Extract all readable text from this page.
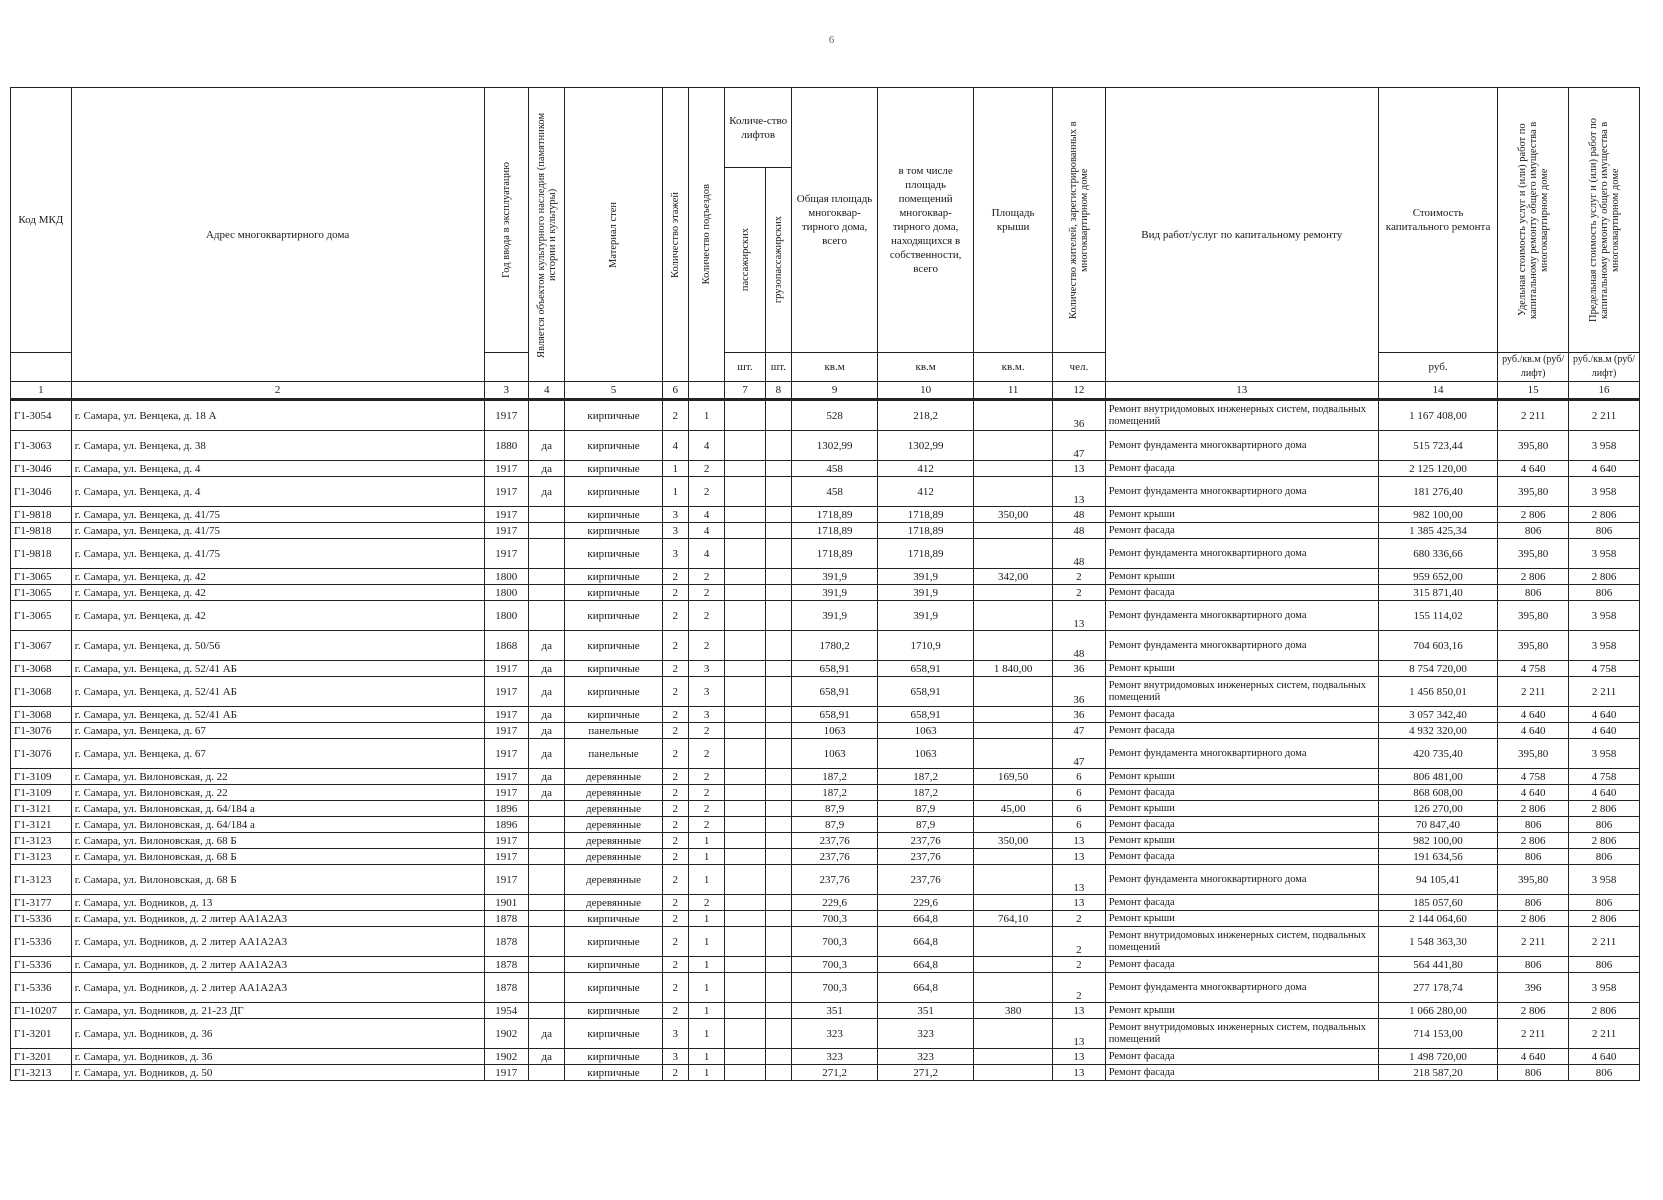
6
Код МКД	Адрес многоквартирного дома	Год ввода в эксплуатацию	Является объектом культурного наследия (памятником истории и культуры)	Материал стен	Количество этажей	Количество подъездов	Количе-ство лифтов		Общая площадь многоквар-тирного дома, всего	в том числе площадь помещений многоквар-тирного дома, находящихся в собственности, всего	Площадь крыши	Количество жителей, зарегистрированных в многоквартирном доме	Вид работ/услуг по капитальному ремонту	Стоимость капитального ремонта	Удельная стоимость услуг и (или) работ по капитальному ремонту общего имущества в многоквартирном доме	Предельная стоимость услуг и (или) работ по капитальному ремонту общего имущества в многоквартирном доме

							пассажирских	грузопассажирских								

							шт.	шт.	кв.м	кв.м	кв.м.	чел.		руб.	руб./кв.м (руб/лифт)	руб./кв.м (руб/лифт)
1	2	3	4	5	6		7	8	9	10	11	12	13	14	15	16
Г1-3054	г. Самара, ул. Венцека, д. 18 А	1917		кирпичные	2	1			528	218,2		36	Ремонт внутридомовых инженерных систем, подвальных помещений	1 167 408,00	2 211	2 211
Г1-3063	г. Самара, ул. Венцека, д. 38	1880	да	кирпичные	4	4			1302,99	1302,99		47	Ремонт фундамента многоквартирного дома	515 723,44	395,80	3 958
Г1-3046	г. Самара, ул. Венцека, д. 4	1917	да	кирпичные	1	2			458	412		13	Ремонт фасада	2 125 120,00	4 640	4 640
Г1-3046	г. Самара, ул. Венцека, д. 4	1917	да	кирпичные	1	2			458	412		13	Ремонт фундамента многоквартирного дома	181 276,40	395,80	3 958
Г1-9818	г. Самара, ул. Венцека, д. 41/75	1917		кирпичные	3	4			1718,89	1718,89	350,00	48	Ремонт крыши	982 100,00	2 806	2 806
Г1-9818	г. Самара, ул. Венцека, д. 41/75	1917		кирпичные	3	4			1718,89	1718,89		48	Ремонт фасада	1 385 425,34	806	806
Г1-9818	г. Самара, ул. Венцека, д. 41/75	1917		кирпичные	3	4			1718,89	1718,89		48	Ремонт фундамента многоквартирного дома	680 336,66	395,80	3 958
Г1-3065	г. Самара, ул. Венцека, д. 42	1800		кирпичные	2	2			391,9	391,9	342,00	2	Ремонт крыши	959 652,00	2 806	2 806
Г1-3065	г. Самара, ул. Венцека, д. 42	1800		кирпичные	2	2			391,9	391,9		2	Ремонт фасада	315 871,40	806	806
Г1-3065	г. Самара, ул. Венцека, д. 42	1800		кирпичные	2	2			391,9	391,9		13	Ремонт фундамента многоквартирного дома	155 114,02	395,80	3 958
Г1-3067	г. Самара, ул. Венцека, д. 50/56	1868	да	кирпичные	2	2			1780,2	1710,9		48	Ремонт фундамента многоквартирного дома	704 603,16	395,80	3 958
Г1-3068	г. Самара, ул. Венцека, д. 52/41 АБ	1917	да	кирпичные	2	3			658,91	658,91	1 840,00	36	Ремонт крыши	8 754 720,00	4 758	4 758
Г1-3068	г. Самара, ул. Венцека, д. 52/41 АБ	1917	да	кирпичные	2	3			658,91	658,91		36	Ремонт внутридомовых инженерных систем, подвальных помещений	1 456 850,01	2 211	2 211
Г1-3068	г. Самара, ул. Венцека, д. 52/41 АБ	1917	да	кирпичные	2	3			658,91	658,91		36	Ремонт фасада	3 057 342,40	4 640	4 640
Г1-3076	г. Самара, ул. Венцека, д. 67	1917	да	панельные	2	2			1063	1063		47	Ремонт фасада	4 932 320,00	4 640	4 640
Г1-3076	г. Самара, ул. Венцека, д. 67	1917	да	панельные	2	2			1063	1063		47	Ремонт фундамента многоквартирного дома	420 735,40	395,80	3 958
Г1-3109	г. Самара, ул. Вилоновская, д. 22	1917	да	деревянные	2	2			187,2	187,2	169,50	6	Ремонт крыши	806 481,00	4 758	4 758
Г1-3109	г. Самара, ул. Вилоновская, д. 22	1917	да	деревянные	2	2			187,2	187,2		6	Ремонт фасада	868 608,00	4 640	4 640
Г1-3121	г. Самара, ул. Вилоновская, д. 64/184 а	1896		деревянные	2	2			87,9	87,9	45,00	6	Ремонт крыши	126 270,00	2 806	2 806
Г1-3121	г. Самара, ул. Вилоновская, д. 64/184 а	1896		деревянные	2	2			87,9	87,9		6	Ремонт фасада	70 847,40	806	806
Г1-3123	г. Самара, ул. Вилоновская, д. 68 Б	1917		деревянные	2	1			237,76	237,76	350,00	13	Ремонт крыши	982 100,00	2 806	2 806
Г1-3123	г. Самара, ул. Вилоновская, д. 68 Б	1917		деревянные	2	1			237,76	237,76		13	Ремонт фасада	191 634,56	806	806
Г1-3123	г. Самара, ул. Вилоновская, д. 68 Б	1917		деревянные	2	1			237,76	237,76		13	Ремонт фундамента многоквартирного дома	94 105,41	395,80	3 958
Г1-3177	г. Самара, ул. Водников, д. 13	1901		деревянные	2	2			229,6	229,6		13	Ремонт фасада	185 057,60	806	806
Г1-5336	г. Самара, ул. Водников, д. 2 литер АА1А2А3	1878		кирпичные	2	1			700,3	664,8	764,10	2	Ремонт крыши	2 144 064,60	2 806	2 806
Г1-5336	г. Самара, ул. Водников, д. 2 литер АА1А2А3	1878		кирпичные	2	1			700,3	664,8		2	Ремонт внутридомовых инженерных систем, подвальных помещений	1 548 363,30	2 211	2 211
Г1-5336	г. Самара, ул. Водников, д. 2 литер АА1А2А3	1878		кирпичные	2	1			700,3	664,8		2	Ремонт фасада	564 441,80	806	806
Г1-5336	г. Самара, ул. Водников, д. 2 литер АА1А2А3	1878		кирпичные	2	1			700,3	664,8		2	Ремонт фундамента многоквартирного дома	277 178,74	396	3 958
Г1-10207	г. Самара, ул. Водников, д. 21-23 ДГ	1954		кирпичные	2	1			351	351	380	13	Ремонт крыши	1 066 280,00	2 806	2 806
Г1-3201	г. Самара, ул. Водников, д. 36	1902	да	кирпичные	3	1			323	323		13	Ремонт внутридомовых инженерных систем, подвальных помещений	714 153,00	2 211	2 211
Г1-3201	г. Самара, ул. Водников, д. 36	1902	да	кирпичные	3	1			323	323		13	Ремонт фасада	1 498 720,00	4 640	4 640
Г1-3213	г. Самара, ул. Водников, д. 50	1917		кирпичные	2	1			271,2	271,2		13	Ремонт фасада	218 587,20	806	806
